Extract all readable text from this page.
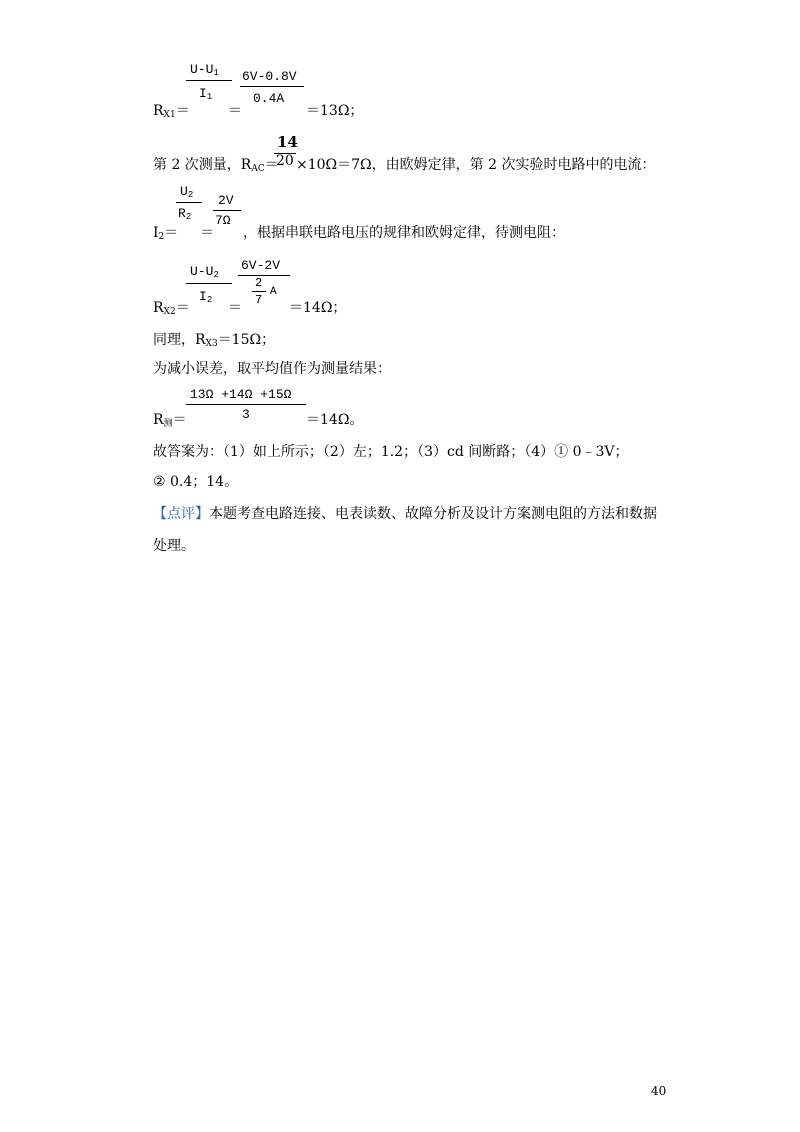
$U-U_1$
$I_1$
6V-0.8V
0.4A
$R_{X1}=$	＝	＝13Ω；
14
20
第 2 次测量，$R_{AC}= \times 10\Omega=7\Omega$，由欧姆定律，第 2 次实验时电路中的电流：
$U_2$
$R_2$
2V
7Ω
$I_2=$ ＝ ，根据串联电路电压的规律和欧姆定律，待测电阻：
$U-U_2$
$I_2$
6V-2V
2
7
A
$R_{X2}=$	＝	＝14Ω；
同理，$R_{X3}=15\Omega$；
为减小误差，取平均值作为测量结果：
13Ω +14Ω +15Ω
3
$R_测=$	＝14Ω。
故答案为：（1）如上所示；（2）左；1.2；（3）cd 间断路；（4）① 0﹣3V；
② 0.4；14。
【点评】本题考查电路连接、电表读数、故障分析及设计方案测电阻的方法和数据
处理。
40
